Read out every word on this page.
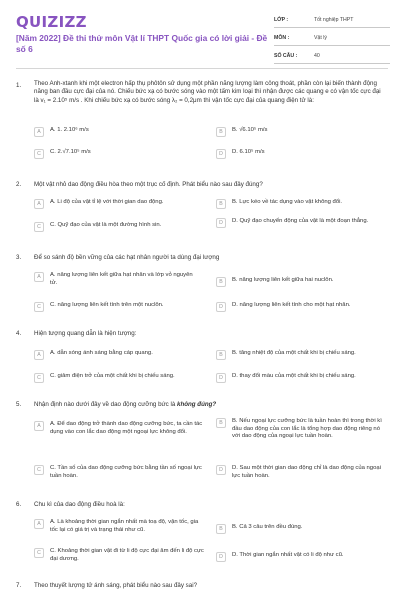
QUIZIZZ
[Năm 2022] Đề thi thử môn Vật lí THPT Quốc gia có lời giải - Đề số 6
LỚP :	Tốt nghiệp THPT
MÔN :	Vật lý
SỐ CÂU :	40
1. Theo Anh-xtanh khi một electron hấp thụ phôtôn sử dụng một phần năng lượng làm công thoát, phần còn lại biến thành động năng ban đầu cực đại của nó. Chiếu bức xạ có bước sóng vào một tấm kim loại thì nhận được các quang e có vận tốc cực đại là v₁ = 2.10⁵ m/s . Khi chiếu bức xạ có bước sóng λ₂ = 0,2μm thì vận tốc cực đại của quang điện tử là:
A	A. 1. 2.10⁶ m/s	B	B. √6.10⁵ m/s
C	C. 2.√7.10⁵ m/s	D	D. 6.10⁵ m/s
2. Một vật nhỏ dao động điều hòa theo một trục cố định. Phát biểu nào sau đây đúng?
A	A. Li độ của vật tỉ lệ với thời gian dao động.	B	B. Lực kéo về tác dụng vào vật không đổi.
C	C. Quỹ đạo của vật là một đường hình sin.	D	D. Quỹ đạo chuyển động của vật là một đoạn thẳng.
3. Để so sánh độ bền vững của các hạt nhân người ta dùng đại lượng
A	A. năng lượng liên kết giữa hạt nhân và lớp vỏ nguyên tử.	B	B. năng lượng liên kết giữa hai nuclôn.
C	C. năng lượng liên kết tính trên một nuclôn.	D	D. năng lượng liên kết tính cho một hạt nhân.
4. Hiện tượng quang dẫn là hiện tượng:
A	A. dẫn sóng ánh sáng bằng cáp quang.	B	B. tăng nhiệt độ của một chất khi bị chiếu sáng.
C	C. giảm điện trở của một chất khi bị chiếu sáng.	D	D. thay đổi màu của một chất khi bị chiếu sáng.
5. Nhận định nào dưới đây về dao động cưỡng bức là không đúng?
A	A. Để dao động trở thành dao động cưỡng bức, ta cần tác dụng vào con lắc dao động một ngoại lực không đổi.
B	B. Nếu ngoại lực cưỡng bức là tuần hoàn thì trong thời kì đầu dao động của con lắc là tổng hợp dao động riêng nó với dao động của ngoại lực tuần hoàn.
C	C. Tần số của dao động cưỡng bức bằng tần số ngoại lực tuần hoàn.
D	D. Sau một thời gian dao động chỉ là dao động của ngoại lực tuần hoàn.
6. Chu kì của dao động điều hoà là:
A	A. Là khoảng thời gian ngắn nhất mà toạ độ, vận tốc, gia tốc lại có giá trị và trạng thái như cũ.	B	B. Cả 3 câu trên đều đúng.
C	C. Khoảng thời gian vật đi từ li độ cực đại âm đến li độ cực đại dương.	D	D. Thời gian ngắn nhất vật có li độ như cũ.
7. Theo thuyết lượng tử ánh sáng, phát biểu nào sau đây sai?
